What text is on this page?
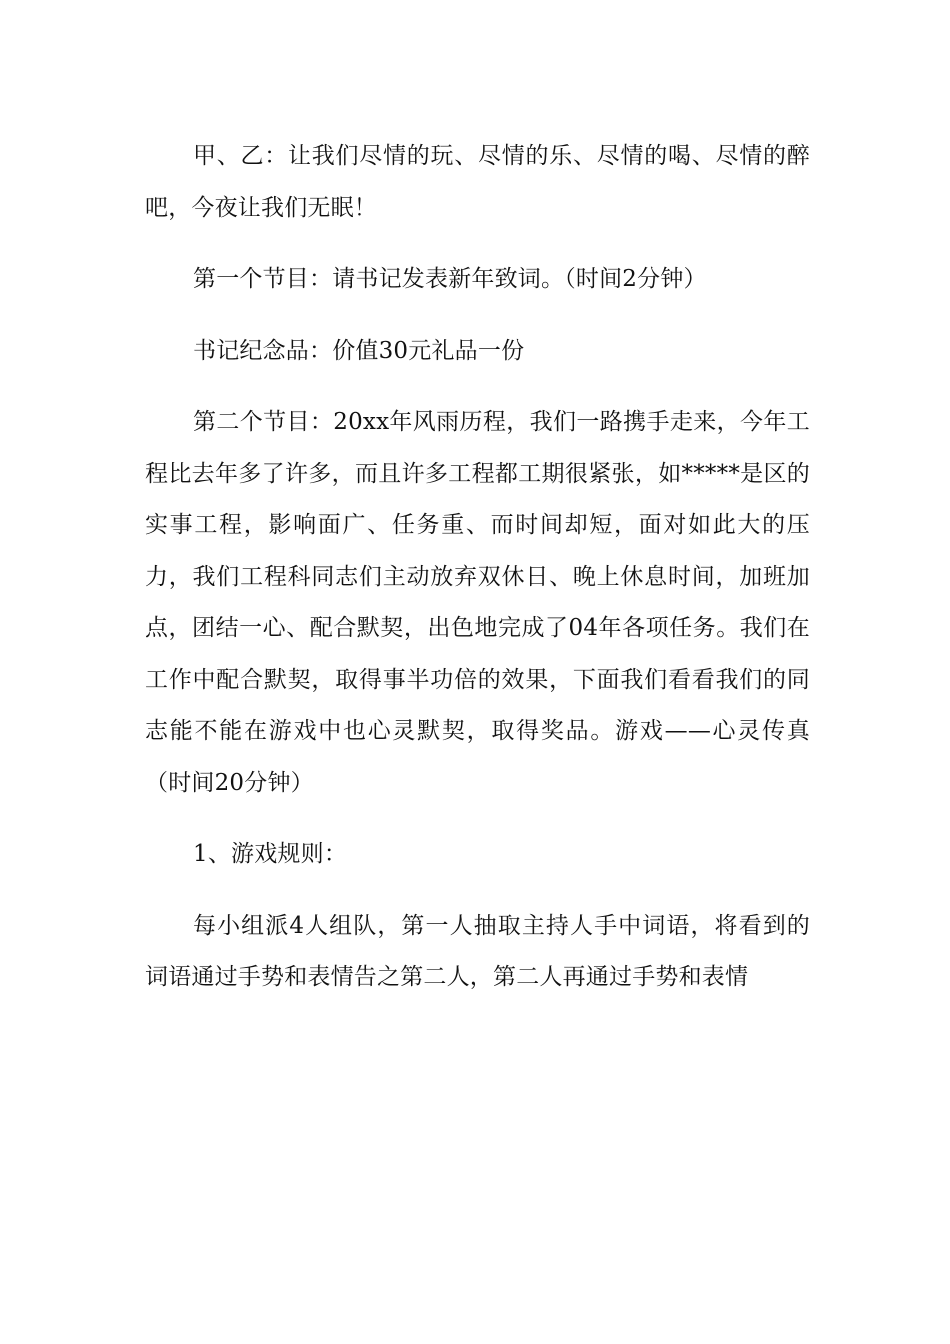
甲、乙：让我们尽情的玩、尽情的乐、尽情的喝、尽情的醉吧，今夜让我们无眠！

第一个节目：请书记发表新年致词。（时间2分钟）

书记纪念品：价值30元礼品一份

第二个节目：20xx年风雨历程，我们一路携手走来，今年工程比去年多了许多，而且许多工程都工期很紧张，如*****是区的实事工程，影响面广、任务重、而时间却短，面对如此大的压力，我们工程科同志们主动放弃双休日、晚上休息时间，加班加点，团结一心、配合默契，出色地完成了04年各项任务。我们在工作中配合默契，取得事半功倍的效果，下面我们看看我们的同志能不能在游戏中也心灵默契，取得奖品。游戏——心灵传真（时间20分钟）

1、游戏规则：

每小组派4人组队，第一人抽取主持人手中词语，将看到的词语通过手势和表情告之第二人，第二人再通过手势和表情
